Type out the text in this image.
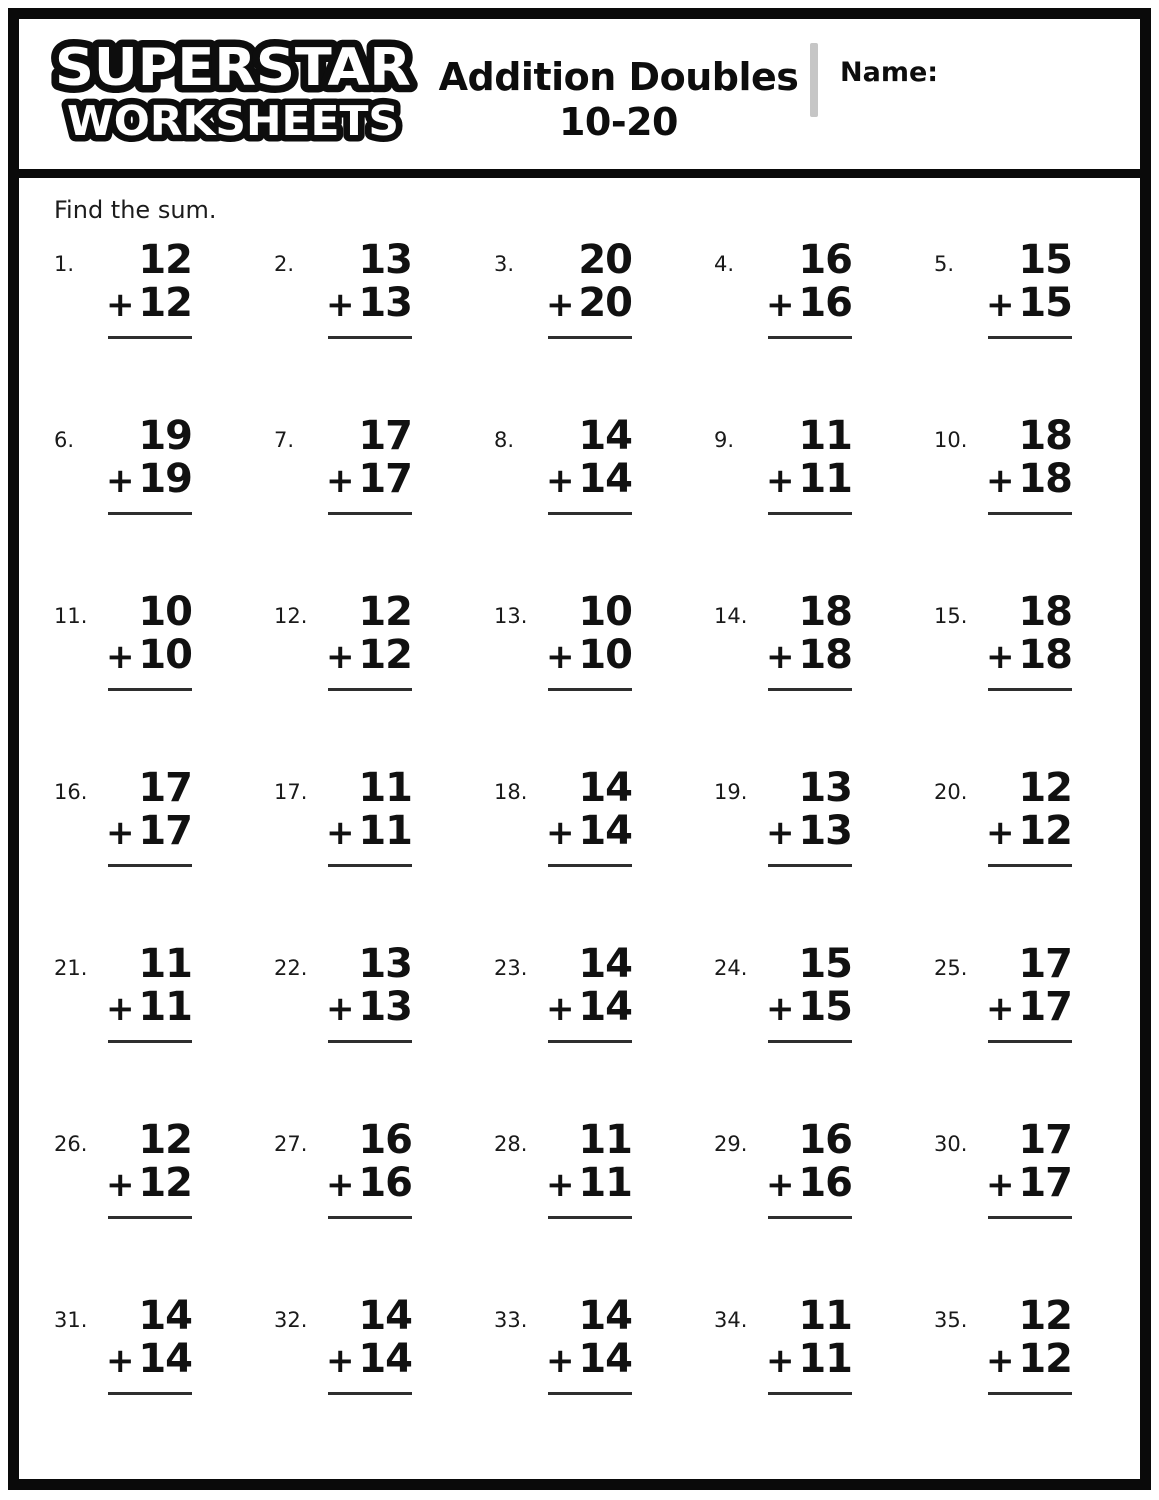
SUPERSTAR
WORKSHEETS
Addition Doubles
10-20
Name:
Find the sum.
1.	12
+ 12
2.	13
+ 13
3.	20
+ 20
4.	16
+ 16
5.	15
+ 15
6.	19
+ 19
7.	17
+ 17
8.	14
+ 14
9.	11
+ 11
10.	18
+ 18
11.	10
+ 10
12.	12
+ 12
13.	10
+ 10
14.	18
+ 18
15.	18
+ 18
16.	17
+ 17
17.	11
+ 11
18.	14
+ 14
19.	13
+ 13
20.	12
+ 12
21.	11
+ 11
22.	13
+ 13
23.	14
+ 14
24.	15
+ 15
25.	17
+ 17
26.	12
+ 12
27.	16
+ 16
28.	11
+ 11
29.	16
+ 16
30.	17
+ 17
31.	14
+ 14
32.	14
+ 14
33.	14
+ 14
34.	11
+ 11
35.	12
+ 12
